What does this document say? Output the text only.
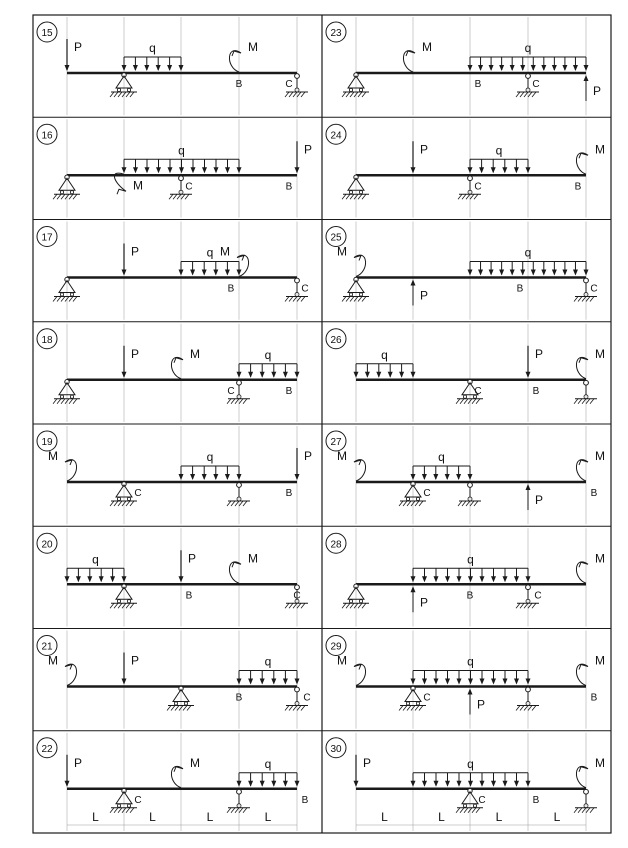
15
P	q	M
B	C
23
M	q
P
B	C
16
M
q	P
C	B
24
P	q	M
C	B
17
P	q M
B	C
25
M
P
q
B	C
18
P	M	q
C	B
26
q	P	M
C	B
19
M	q	P
C	B
27
M	q
P
M
C	B
20
q	P	M
B	C
28
P
q	M
B	C
21
M	P	q
B	C
29
M	q
P
M
C	B
22
P	M	q
C	B
L	L	L	L
30
P	q	M
C	B
L	L	L	L
